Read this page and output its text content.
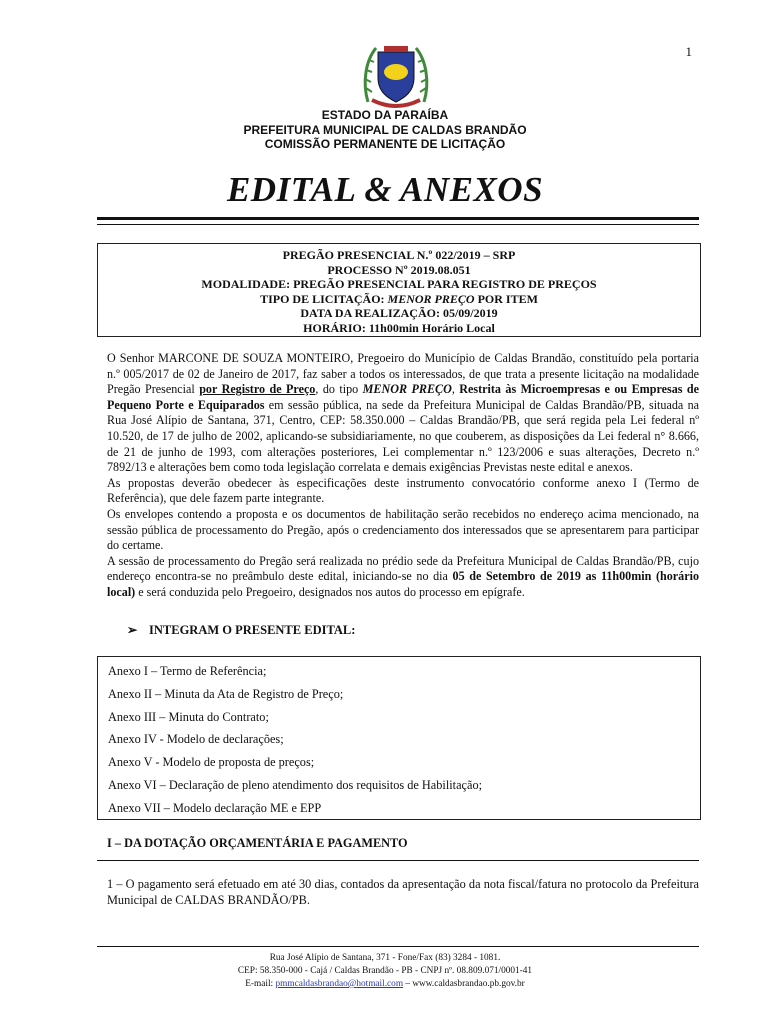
1
ESTADO DA PARAÍBA
PREFEITURA MUNICIPAL DE CALDAS BRANDÃO
COMISSÃO PERMANENTE DE LICITAÇÃO
EDITAL & ANEXOS
PREGÃO PRESENCIAL N.º 022/2019 – SRP
PROCESSO Nº 2019.08.051
MODALIDADE: PREGÃO PRESENCIAL PARA REGISTRO DE PREÇOS
TIPO DE LICITAÇÃO: MENOR PREÇO POR ITEM
DATA DA REALIZAÇÃO: 05/09/2019
HORÁRIO: 11h00min Horário Local

O Senhor MARCONE DE SOUZA MONTEIRO, Pregoeiro do Município de Caldas Brandão, constituído pela portaria n.º 005/2017 de 02 de Janeiro de 2017, faz saber a todos os interessados, de que trata a presente licitação na modalidade Pregão Presencial por Registro de Preço, do tipo MENOR PREÇO, Restrita às Microempresas e ou Empresas de Pequeno Porte e Equiparados em sessão pública, na sede da Prefeitura Municipal de Caldas Brandão/PB, situada na Rua José Alípio de Santana, 371, Centro, CEP: 58.350.000 – Caldas Brandão/PB, que será regida pela Lei federal nº 10.520, de 17 de julho de 2002, aplicando-se subsidiariamente, no que couberem, as disposições da Lei federal n° 8.666, de 21 de junho de 1993, com alterações posteriores, Lei complementar n.º 123/2006 e suas alterações, Decreto n.º 7892/13 e alterações bem como toda legislação correlata e demais exigências Previstas neste edital e anexos.

As propostas deverão obedecer às especificações deste instrumento convocatório conforme anexo I (Termo de Referência), que dele fazem parte integrante.

Os envelopes contendo a proposta e os documentos de habilitação serão recebidos no endereço acima mencionado, na sessão pública de processamento do Pregão, após o credenciamento dos interessados que se apresentarem para participar do certame.

A sessão de processamento do Pregão será realizada no prédio sede da Prefeitura Municipal de Caldas Brandão/PB, cujo endereço encontra-se no preâmbulo deste edital, iniciando-se no dia 05 de Setembro de 2019 as 11h00min (horário local) e será conduzida pelo Pregoeiro, designados nos autos do processo em epígrafe.

➢ INTEGRAM O PRESENTE EDITAL:
Anexo I – Termo de Referência;
Anexo II – Minuta da Ata de Registro de Preço;
Anexo III – Minuta do Contrato;
Anexo IV - Modelo de declarações;
Anexo V - Modelo de proposta de preços;
Anexo VI – Declaração de pleno atendimento dos requisitos de Habilitação;
Anexo VII – Modelo declaração ME e EPP
I – DA DOTAÇÃO ORÇAMENTÁRIA E PAGAMENTO
1 – O pagamento será efetuado em até 30 dias, contados da apresentação da nota fiscal/fatura no protocolo da Prefeitura Municipal de CALDAS BRANDÃO/PB.
Rua José Alípio de Santana, 371 - Fone/Fax (83) 3284 - 1081.
CEP: 58.350-000 - Cajá / Caldas Brandão - PB - CNPJ nº. 08.809.071/0001-41
E-mail: pmmcaldasbrandao@hotmail.com – www.caldasbrandao.pb.gov.br
